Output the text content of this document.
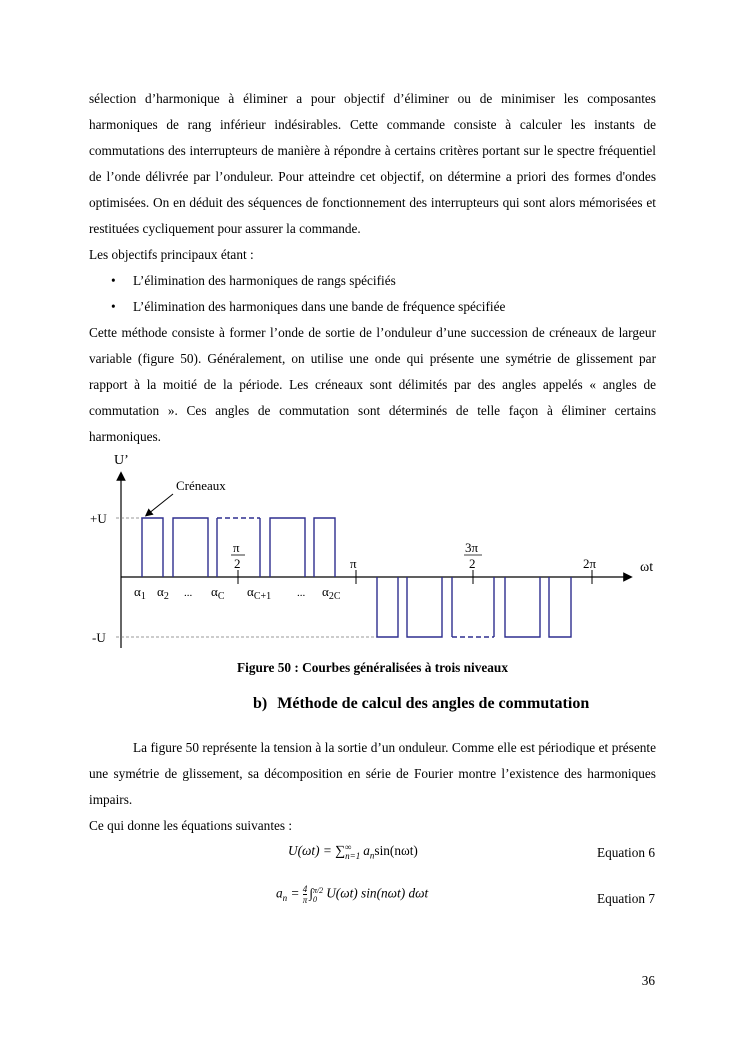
sélection d’harmonique à éliminer a pour objectif d’éliminer ou de minimiser les composantes harmoniques de rang inférieur indésirables. Cette commande consiste à calculer les instants de commutations des interrupteurs de manière à répondre à certains critères portant sur le spectre fréquentiel de l’onde délivrée par l’onduleur. Pour atteindre cet objectif, on détermine a priori des formes d'ondes optimisées. On en déduit des séquences de fonctionnement des interrupteurs qui sont alors mémorisées et restituées cycliquement pour assurer la commande.

Les objectifs principaux étant :

• L’élimination des harmoniques de rangs spécifiés
• L’élimination des harmoniques dans une bande de fréquence spécifiée

Cette méthode consiste à former l’onde de sortie de l’onduleur d’une succession de créneaux de largeur variable (figure 50). Généralement, on utilise une onde qui présente une symétrie de glissement par rapport à la moitié de la période. Les créneaux sont délimités par des angles appelés « angles de commutation ». Ces angles de commutation sont déterminés de telle façon à éliminer certains harmoniques.

U’
ωt
+U
-U
π
2	π
3π
2	2π
$\alpha_1$ $\alpha_2$ ... $\alpha_C$ $\alpha_{C+1}$ ... $\alpha_{2C}$
Créneaux
Figure 50 : Courbes généralisées à trois niveaux
b) Méthode de calcul des angles de commutation

La figure 50 représente la tension à la sortie d’un onduleur. Comme elle est périodique et présente une symétrie de glissement, sa décomposition en série de Fourier montre l’existence des harmoniques impairs.

Ce qui donne les équations suivantes :

U(ωt) = ∑ ∞
n=1 $a_n\sin(n\omega t)$	Equation 6
$a_n = \frac{4}{\pi}$ ∫ π/2
0 U(ωt) sin(nωt) dωt	Equation 7
36
